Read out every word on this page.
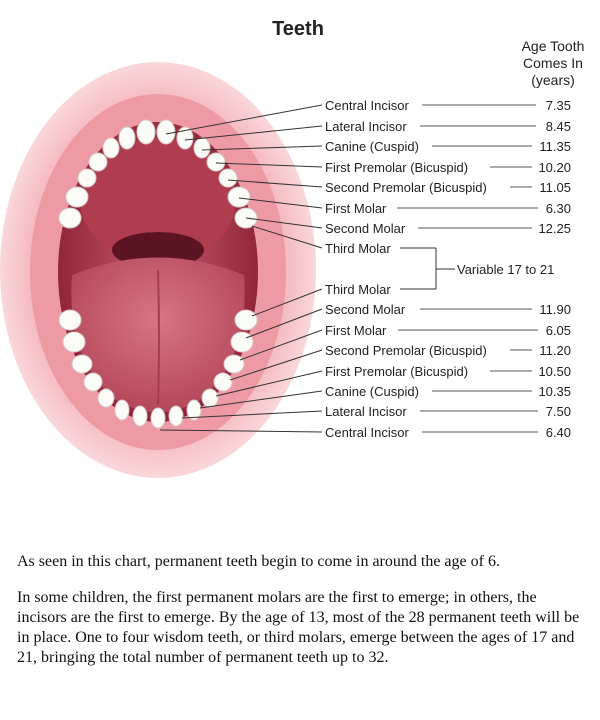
Teeth
Age Tooth
Comes In
(years)
Central Incisor
Lateral Incisor
Canine (Cuspid)
First Premolar (Bicuspid)
Second Premolar (Bicuspid)
First Molar
Second Molar
Third Molar
Variable 17 to 21
Third Molar
Second Molar
First Molar
Second Premolar (Bicuspid)
First Premolar (Bicuspid)
Canine (Cuspid)
Lateral Incisor
Central Incisor
7.35
8.45
11.35
10.20
11.05
6.30
12.25
11.90
6.05
11.20
10.50
10.35
7.50
6.40

As seen in this chart, permanent teeth begin to come in around the age of 6.

In some children, the first permanent molars are the first to emerge; in others, the incisors are the first to emerge. By the age of 13, most of the 28 permanent teeth will be in place. One to four wisdom teeth, or third molars, emerge between the ages of 17 and 21, bringing the total number of permanent teeth up to 32.
